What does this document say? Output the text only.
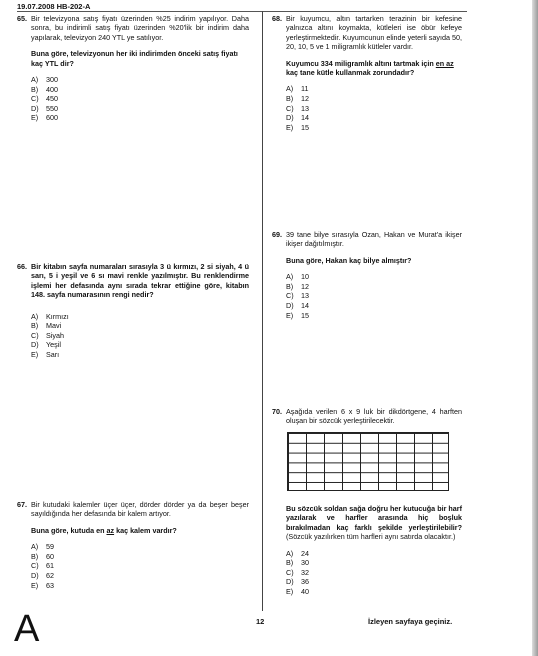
19.07.2008 HB-202-A
65. Bir televizyona satış fiyatı üzerinden %25 indirim yapılıyor. Daha sonra, bu indirimli satış fiyatı üzerinden %20'lik bir indirim daha yapılarak, televizyon 240 YTL ye satılıyor.
Buna göre, televizyonun her iki indirimden önceki satış fiyatı kaç YTL dir?
A)	300
B)	400
C)	450
D)	550
E)	600
66. Bir kitabın sayfa numaraları sırasıyla 3 ü kırmızı, 2 si siyah, 4 ü sarı, 5 i yeşil ve 6 sı mavi renkle yazılmıştır. Bu renklendirme işlemi her defasında aynı sırada tekrar ettiğine göre, kitabın 148. sayfa numarasının rengi nedir?
A)	Kırmızı
B)	Mavi
C)	Siyah
D)	Yeşil
E)	Sarı
67. Bir kutudaki kalemler üçer üçer, dörder dörder ya da beşer beşer sayıldığında her defasında bir kalem artıyor.
Buna göre, kutuda en az kaç kalem vardır?
A)	59
B)	60
C)	61
D)	62
E)	63
68. Bir kuyumcu, altın tartarken terazinin bir kefesine yalnızca altını koymakta, kütleleri ise öbür kefeye yerleştirmektedir. Kuyumcunun elinde yeterli sayıda 50, 20, 10, 5 ve 1 miligramlık kütleler vardır.
Kuyumcu 334 miligramlık altını tartmak için en az kaç tane kütle kullanmak zorundadır?
A)	11
B)	12
C)	13
D)	14
E)	15
69. 39 tane bilye sırasıyla Ozan, Hakan ve Murat'a ikişer ikişer dağıtılmıştır.
Buna göre, Hakan kaç bilye almıştır?
A)	10
B)	12
C)	13
D)	14
E)	15
70. Aşağıda verilen 6 x 9 luk bir dikdörtgene, 4 harften oluşan bir sözcük yerleştirilecektir.
Bu sözcük soldan sağa doğru her kutucuğa bir harf yazılarak ve harfler arasında hiç boşluk bırakılmadan kaç farklı şekilde yerleştirilebilir? (Sözcük yazılırken tüm harfleri aynı satırda olacaktır.)
A)	24
B)	30
C)	32
D)	36
E)	40
A	12	İzleyen sayfaya geçiniz.
